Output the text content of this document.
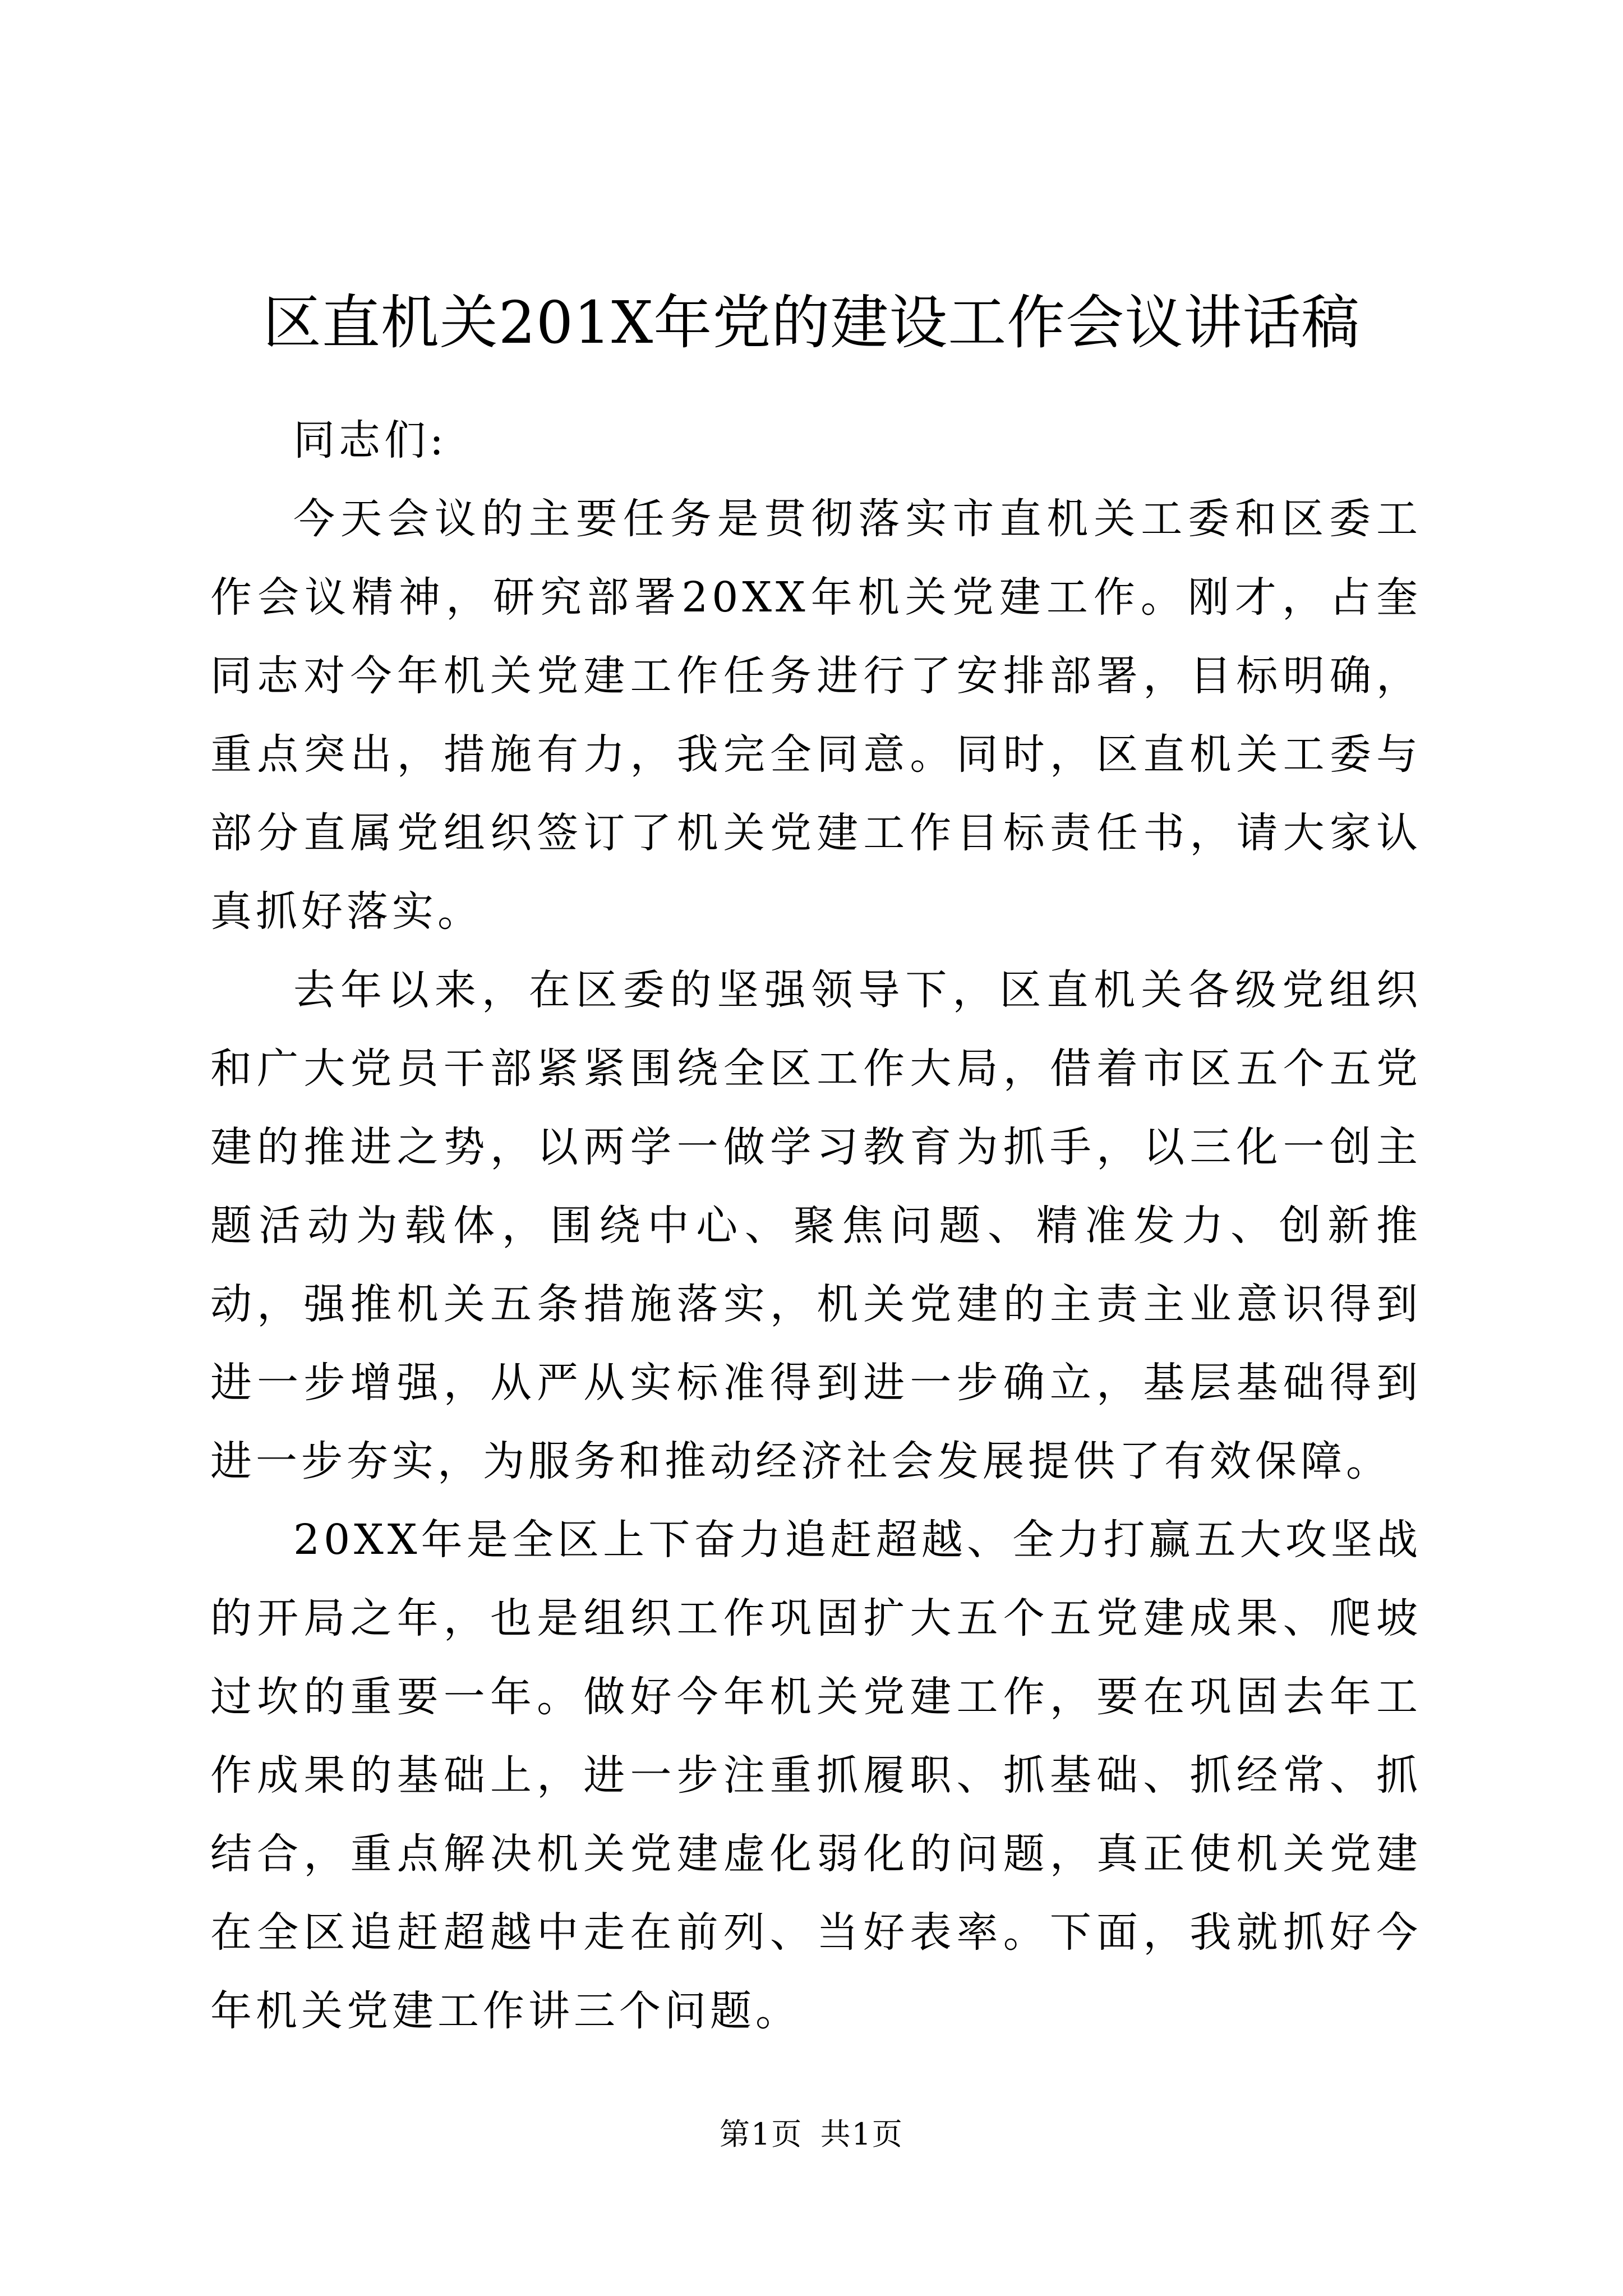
区直机关201X年党的建设工作会议讲话稿

同志们:

今天会议的主要任务是贯彻落实市直机关工委和区委工作会议精神，研究部署20XX年机关党建工作。刚才，占奎同志对今年机关党建工作任务进行了安排部署，目标明确，重点突出，措施有力，我完全同意。同时，区直机关工委与部分直属党组织签订了机关党建工作目标责任书，请大家认真抓好落实。

去年以来，在区委的坚强领导下，区直机关各级党组织和广大党员干部紧紧围绕全区工作大局，借着市区五个五党建的推进之势，以两学一做学习教育为抓手，以三化一创主题活动为载体，围绕中心、聚焦问题、精准发力、创新推动，强推机关五条措施落实，机关党建的主责主业意识得到进一步增强，从严从实标准得到进一步确立，基层基础得到进一步夯实，为服务和推动经济社会发展提供了有效保障。

20XX年是全区上下奋力追赶超越、全力打赢五大攻坚战的开局之年，也是组织工作巩固扩大五个五党建成果、爬坡过坎的重要一年。做好今年机关党建工作，要在巩固去年工作成果的基础上，进一步注重抓履职、抓基础、抓经常、抓结合，重点解决机关党建虚化弱化的问题，真正使机关党建在全区追赶超越中走在前列、当好表率。下面，我就抓好今年机关党建工作讲三个问题。

第1页 共1页
